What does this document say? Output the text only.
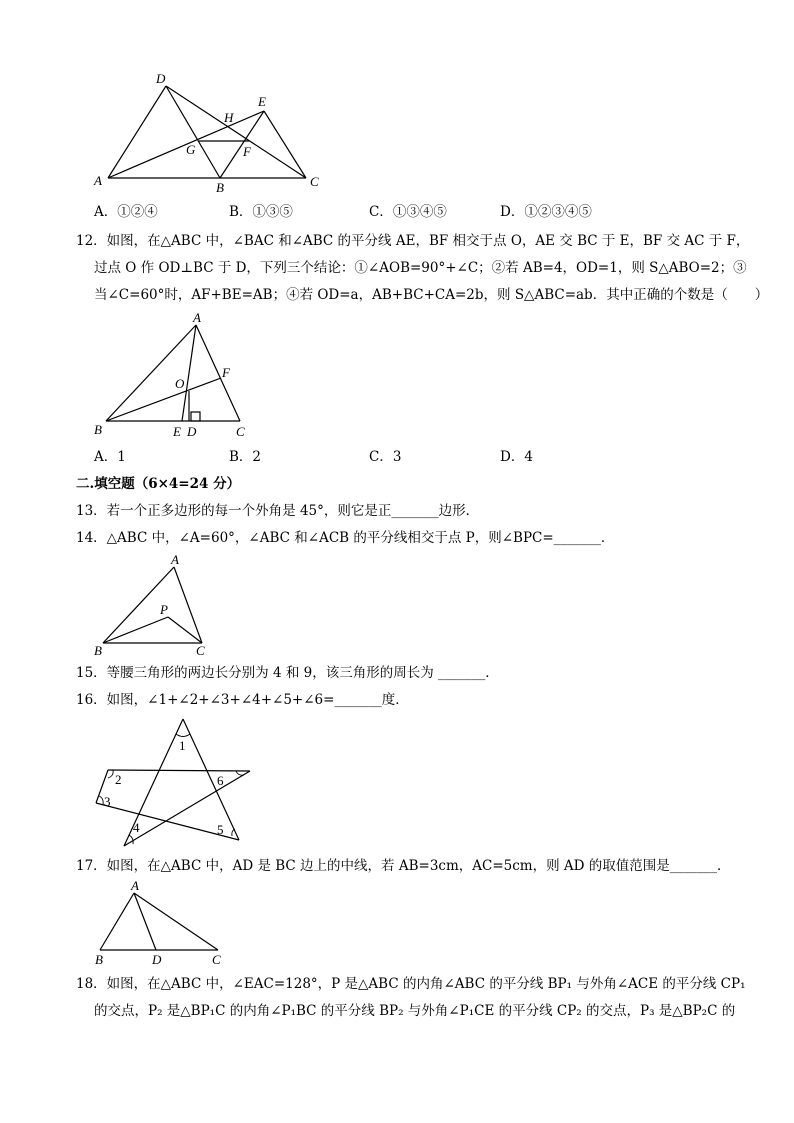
D
E
H
G	F
A	B	C
A．①②④	B．①③⑤	C．①③④⑤	D．①②③④⑤
12．如图，在△ABC 中，∠BAC 和∠ABC 的平分线 AE，BF 相交于点 O，AE 交 BC 于 E，BF 交 AC 于 F，
过点 O 作 OD⊥BC 于 D，下列三个结论：①∠AOB=90°+∠C；②若 AB=4，OD=1，则 S△ABO=2；③
当∠C=60°时，AF+BE=AB；④若 OD=a，AB+BC+CA=2b，则 S△ABC=ab．其中正确的个数是（　　）
A
O
F
B	E D	C
A．1	B．2	C．3	D．4
二.填空题（6×4=24 分）
13．若一个正多边形的每一个外角是 45°，则它是正_______边形．
14．△ABC 中，∠A=60°，∠ABC 和∠ACB 的平分线相交于点 P，则∠BPC=_______．
A
P
B	C
15．等腰三角形的两边长分别为 4 和 9，该三角形的周长为 _______．
16．如图，∠1+∠2+∠3+∠4+∠5+∠6=_______度．
1
2
3
4	5
6
17．如图，在△ABC 中，AD 是 BC 边上的中线，若 AB=3cm，AC=5cm，则 AD 的取值范围是_______．
A
B	D	C
18．如图，在△ABC 中，∠EAC=128°，P 是△ABC 的内角∠ABC 的平分线 BP₁ 与外角∠ACE 的平分线 CP₁
的交点，P₂ 是△BP₁C 的内角∠P₁BC 的平分线 BP₂ 与外角∠P₁CE 的平分线 CP₂ 的交点，P₃ 是△BP₂C 的
